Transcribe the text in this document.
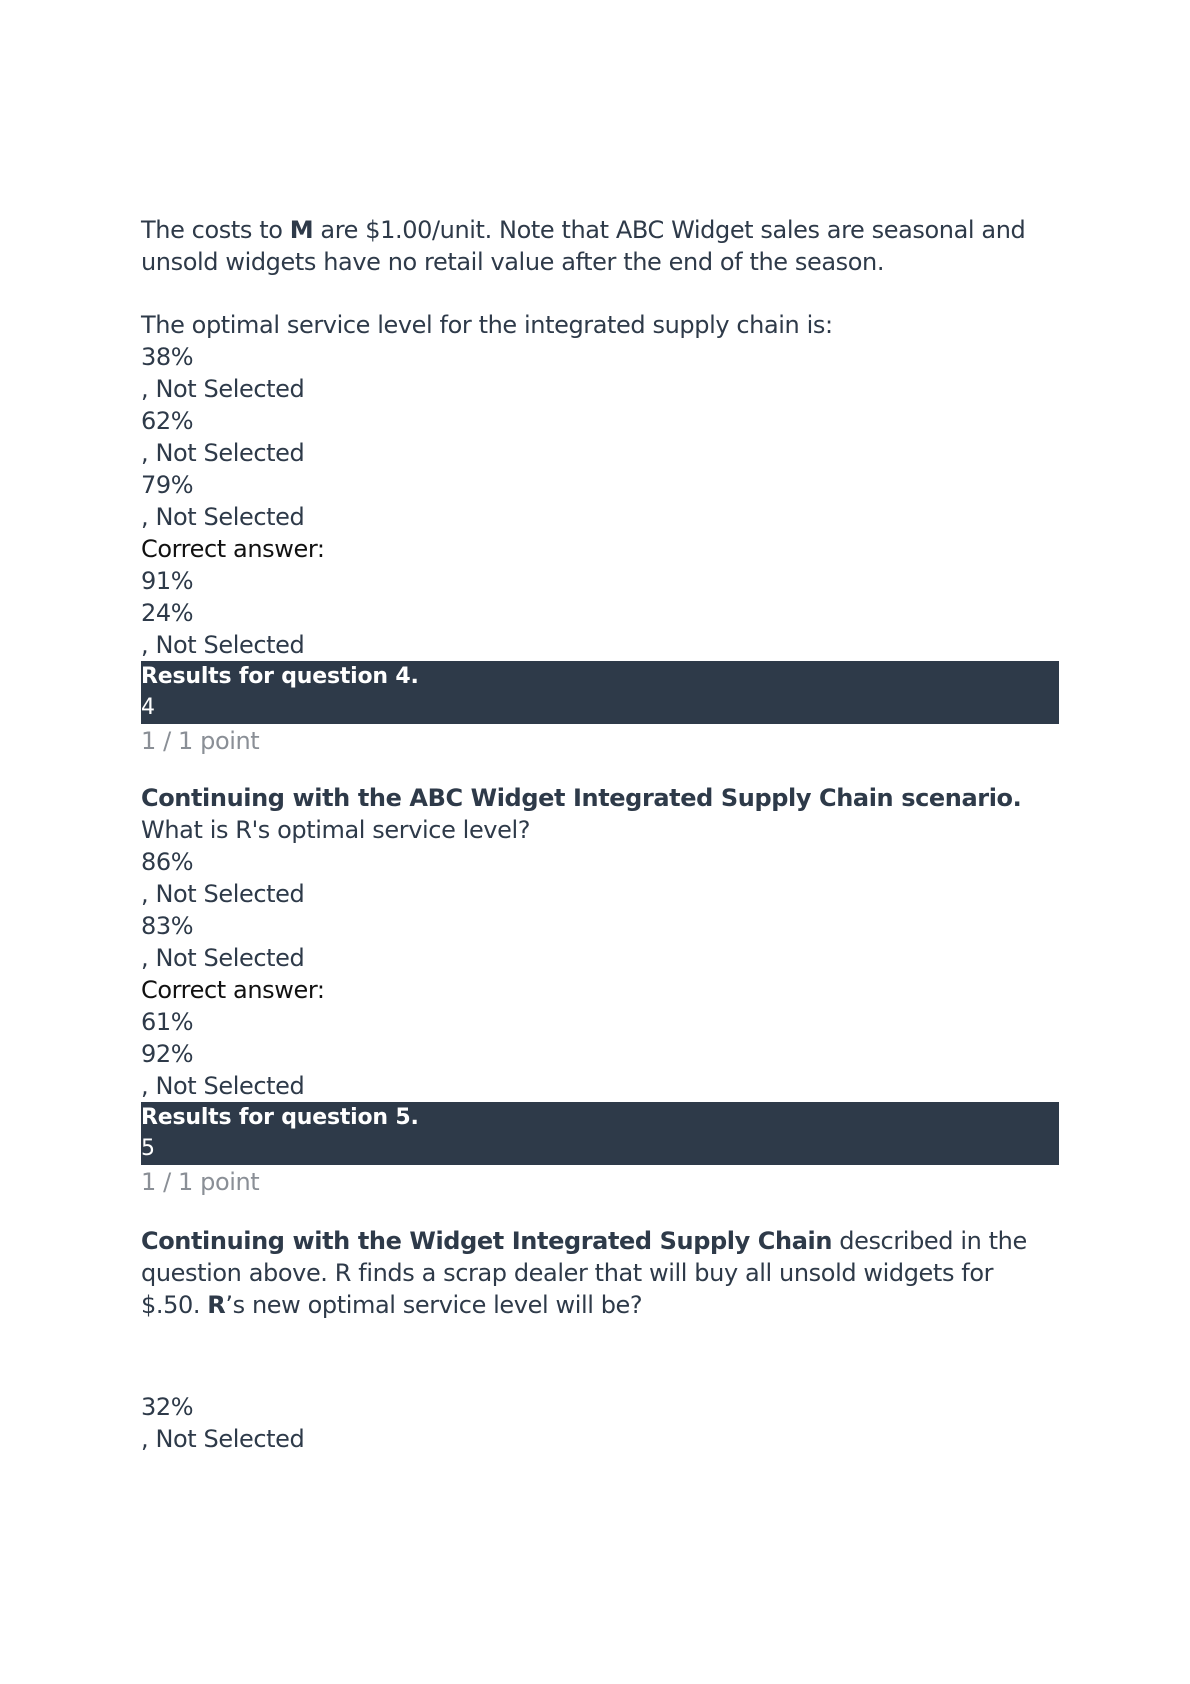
The costs to M are $1.00/unit. Note that ABC Widget sales are seasonal and unsold widgets have no retail value after the end of the season.

The optimal service level for the integrated supply chain is:

38%

, Not Selected

62%

, Not Selected

79%

, Not Selected

Correct answer:

91%

24%

, Not Selected

Results for question 4.
4
1 / 1 point

Continuing with the ABC Widget Integrated Supply Chain scenario. What is R's optimal service level?

86%

, Not Selected

83%

, Not Selected

Correct answer:

61%

92%

, Not Selected

Results for question 5.
5
1 / 1 point

Continuing with the Widget Integrated Supply Chain described in the question above. R finds a scrap dealer that will buy all unsold widgets for $.50. R’s new optimal service level will be?

32%

, Not Selected
